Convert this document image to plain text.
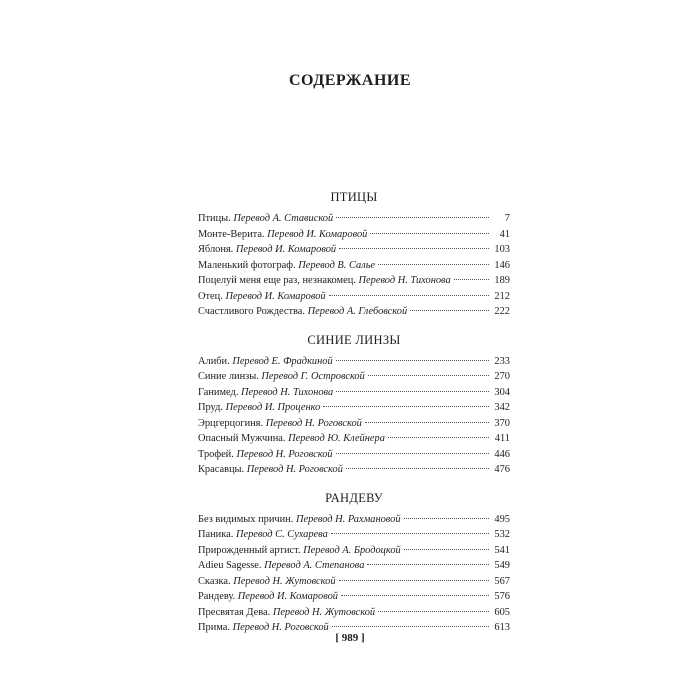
СОДЕРЖАНИЕ
ПТИЦЫ
Птицы. Перевод А. Ставиской	7
Монте-Верита. Перевод И. Комаровой	41
Яблоня. Перевод И. Комаровой	103
Маленький фотограф. Перевод В. Салье	146
Поцелуй меня еще раз, незнакомец. Перевод Н. Тихонова	189
Отец. Перевод И. Комаровой	212
Счастливого Рождества. Перевод А. Глебовской	222
СИНИЕ ЛИНЗЫ
Алиби. Перевод Е. Фрадкиной	233
Синие линзы. Перевод Г. Островской	270
Ганимед. Перевод Н. Тихонова	304
Пруд. Перевод И. Проценко	342
Эрцгерцогиня. Перевод Н. Роговской	370
Опасный Мужчина. Перевод Ю. Клейнера	411
Трофей. Перевод Н. Роговской	446
Красавцы. Перевод Н. Роговской	476
РАНДЕВУ
Без видимых причин. Перевод Н. Рахмановой	495
Паника. Перевод С. Сухарева	532
Прирожденный артист. Перевод А. Бродоцкой	541
Adieu Sagesse. Перевод А. Степанова	549
Сказка. Перевод Н. Жутовской	567
Рандеву. Перевод И. Комаровой	576
Пресвятая Дева. Перевод Н. Жутовской	605
Прима. Перевод Н. Роговской	613
[ 989 ]
